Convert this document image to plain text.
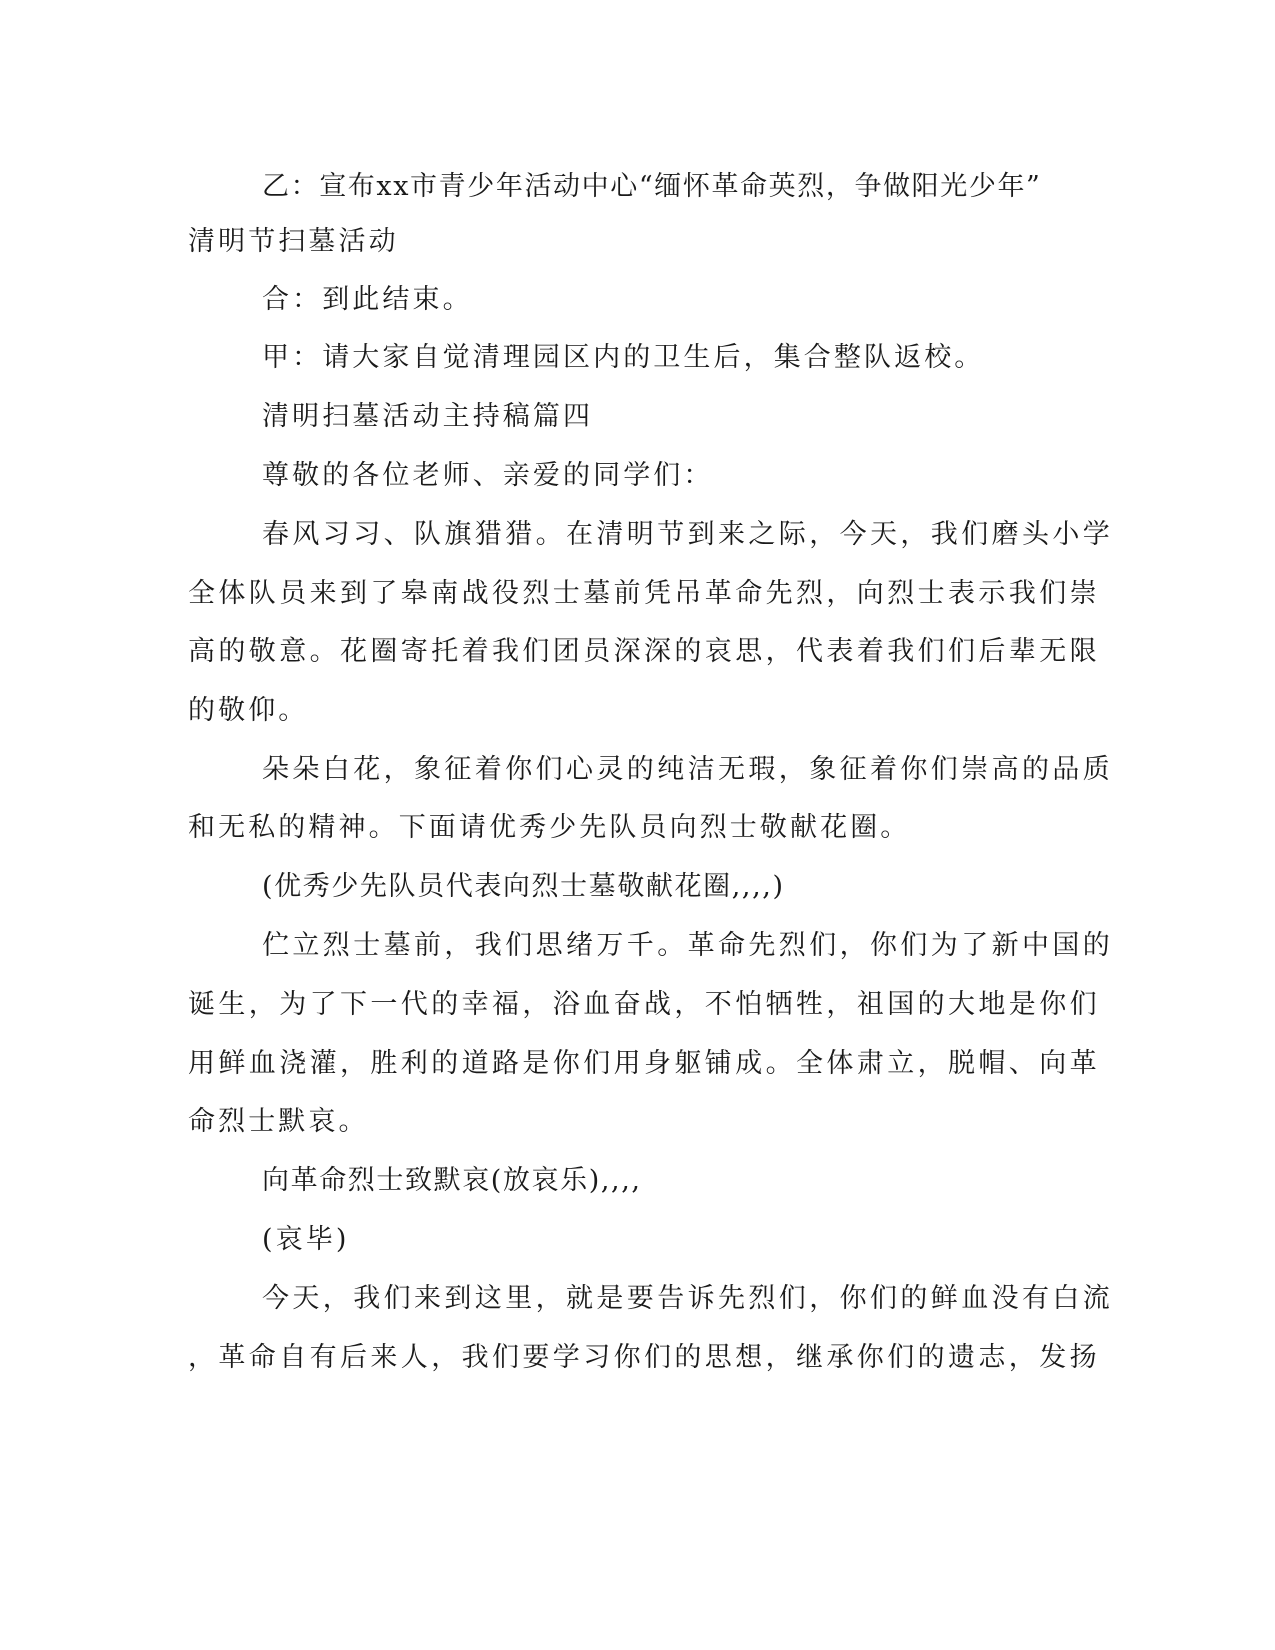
乙：宣布xx市青少年活动中心“缅怀革命英烈，争做阳光少年”
清明节扫墓活动
合：到此结束。
甲：请大家自觉清理园区内的卫生后，集合整队返校。
清明扫墓活动主持稿篇四
尊敬的各位老师、亲爱的同学们：
春风习习、队旗猎猎。在清明节到来之际，今天，我们磨头小学
全体队员来到了皋南战役烈士墓前凭吊革命先烈，向烈士表示我们崇
高的敬意。花圈寄托着我们团员深深的哀思，代表着我们们后辈无限
的敬仰。
朵朵白花，象征着你们心灵的纯洁无瑕，象征着你们崇高的品质
和无私的精神。下面请优秀少先队员向烈士敬献花圈。
(优秀少先队员代表向烈士墓敬献花圈,,,,)
伫立烈士墓前，我们思绪万千。革命先烈们，你们为了新中国的
诞生，为了下一代的幸福，浴血奋战，不怕牺牲，祖国的大地是你们
用鲜血浇灌，胜利的道路是你们用身躯铺成。全体肃立，脱帽、向革
命烈士默哀。
向革命烈士致默哀(放哀乐),,,,
(哀毕)
今天，我们来到这里，就是要告诉先烈们，你们的鲜血没有白流
，革命自有后来人，我们要学习你们的思想，继承你们的遗志，发扬
